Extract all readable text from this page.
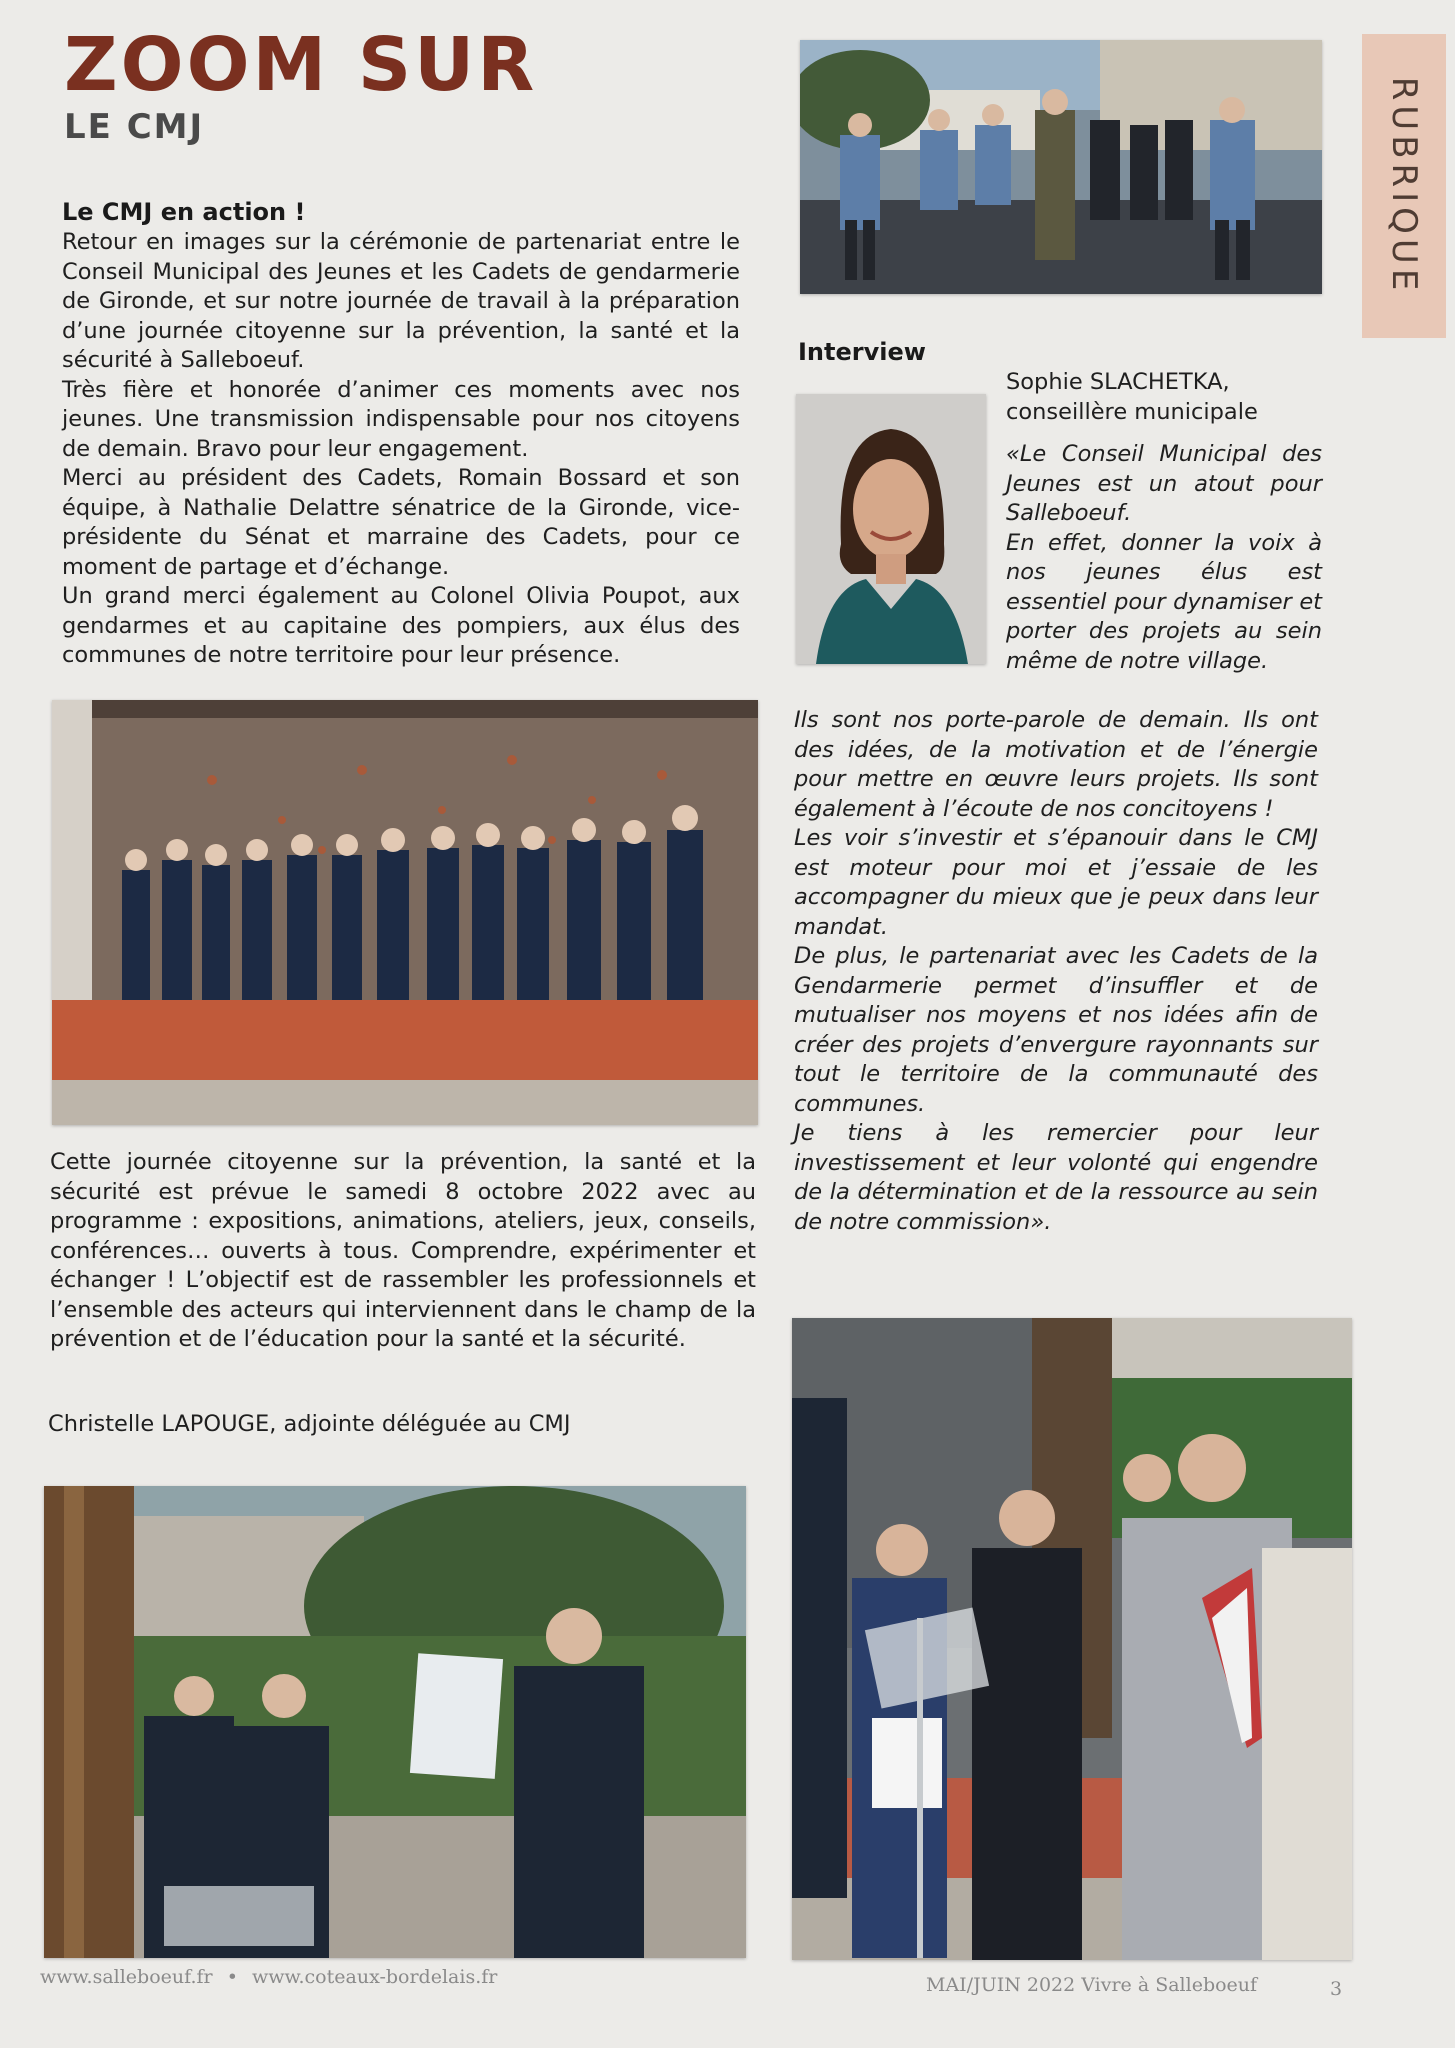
ZOOM SUR
LE CMJ	RUBRIQUE
Le CMJ en action !

Retour en images sur la cérémonie de partenariat entre le Conseil Municipal des Jeunes et les Cadets de gendarmerie de Gironde, et sur notre journée de travail à la préparation d’une journée citoyenne sur la prévention, la santé et la sécurité à Salleboeuf.

Très fière et honorée d’animer ces moments avec nos jeunes. Une transmission indispensable pour nos citoyens de demain. Bravo pour leur engagement.

Merci au président des Cadets, Romain Bossard et son équipe, à Nathalie Delattre sénatrice de la Gironde, vice-présidente du Sénat et marraine des Cadets, pour ce moment de partage et d’échange.

Un grand merci également au Colonel Olivia Poupot, aux gendarmes et au capitaine des pompiers, aux élus des communes de notre territoire pour leur présence.

Cette journée citoyenne sur la prévention, la santé et la sécurité est prévue le samedi 8 octobre 2022 avec au programme : expositions, animations, ateliers, jeux, conseils, conférences… ouverts à tous. Comprendre, expérimenter et échanger ! L’objectif est de rassembler les professionnels et l’ensemble des acteurs qui interviennent dans le champ de la prévention et de l’éducation pour la santé et la sécurité.

Christelle LAPOUGE, adjointe déléguée au CMJ
Interview
Sophie SLACHETKA,
conseillère municipale

«Le Conseil Municipal des Jeunes est un atout pour Salleboeuf.

En effet, donner la voix à nos jeunes élus est essentiel pour dynamiser et porter des projets au sein même de notre village.

Ils sont nos porte-parole de demain. Ils ont des idées, de la motivation et de l’énergie pour mettre en œuvre leurs projets. Ils sont également à l’écoute de nos concitoyens !

Les voir s’investir et s’épanouir dans le CMJ est moteur pour moi et j’essaie de les accompagner du mieux que je peux dans leur mandat.

De plus, le partenariat avec les Cadets de la Gendarmerie permet d’insuffler et de mutualiser nos moyens et nos idées afin de créer des projets d’envergure rayonnants sur tout le territoire de la communauté des communes.

Je tiens à les remercier pour leur investissement et leur volonté qui engendre de la détermination et de la ressource au sein de notre commission».

www.salleboeuf.fr • www.coteaux-bordelais.fr	MAI/JUIN 2022 Vivre à Salleboeuf	3
